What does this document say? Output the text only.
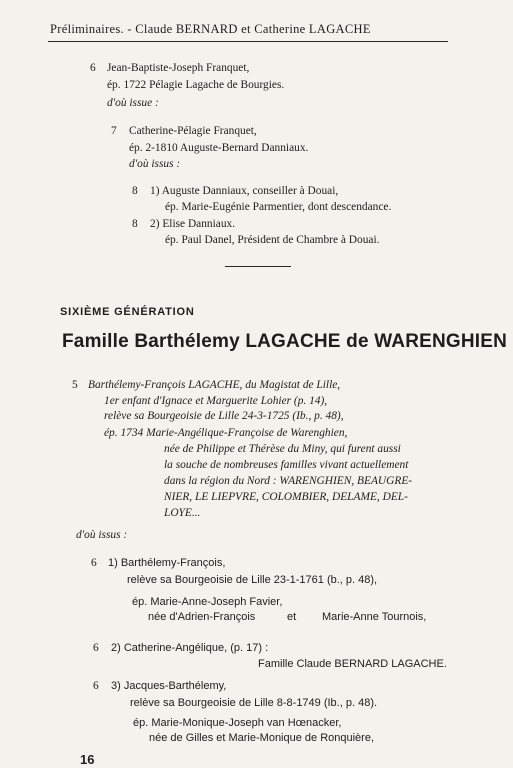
Préliminaires. - Claude BERNARD et Catherine LAGACHE
6 Jean-Baptiste-Joseph Franquet,
ép. 1722 Pélagie Lagache de Bourgies.
d'où issue :
7 Catherine-Pélagie Franquet,
ép. 2-1810 Auguste-Bernard Danniaux.
d'où issus :
8 1) Auguste Danniaux, conseiller à Douai,
ép. Marie-Eugénie Parmentier, dont descendance.
8 2) Elise Danniaux.
ép. Paul Danel, Président de Chambre à Douai.
SIXIÈME GÉNÉRATION
Famille Barthélemy LAGACHE de WARENGHIEN
5 Barthélemy-François LAGACHE, du Magistat de Lille,
1er enfant d'Ignace et Marguerite Lohier (p. 14),
relève sa Bourgeoisie de Lille 24-3-1725 (Ib., p. 48),
ép. 1734 Marie-Angélique-Françoise de Warenghien,
née de Philippe et Thérèse du Miny, qui furent aussi
la souche de nombreuses familles vivant actuellement
dans la région du Nord : WARENGHIEN, BEAUGRE-
NIER, LE LIEPVRE, COLOMBIER, DELAME, DEL-
LOYE...
d'où issus :
6 1) Barthélemy-François,
relève sa Bourgeoisie de Lille 23-1-1761 (b., p. 48),
ép. Marie-Anne-Joseph Favier,
née d'Adrien-François	et Marie-Anne Tournois,
6 2) Catherine-Angélique, (p. 17) :
Famille Claude BERNARD LAGACHE.
6 3) Jacques-Barthélemy,
relève sa Bourgeoisie de Lille 8-8-1749 (Ib., p. 48).
ép. Marie-Monique-Joseph van Hœnacker,
née de Gilles et Marie-Monique de Ronquière,
16
